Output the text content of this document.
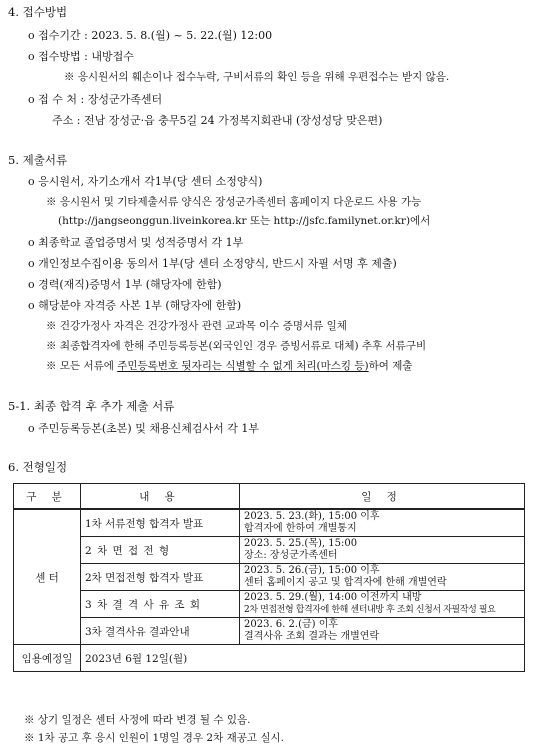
4. 접수방법
o 접수기간 : 2023. 5. 8.(월) ~ 5. 22.(월) 12:00
o 접수방법 : 내방접수
※ 응시원서의 훼손이나 접수누락, 구비서류의 확인 등을 위해 우편접수는 받지 않음.
o 접 수 처 : 장성군가족센터
주소 : 전남 장성군·읍 충무5길 24 가정복지회관내 (장성성당 맞은편)
5. 제출서류
o 응시원서, 자기소개서 각1부(당 센터 소정양식)
※ 응시원서 및 기타제출서류 양식은 장성군가족센터 홈페이지 다운로드 사용 가능
(http://jangseonggun.liveinkorea.kr 또는 http://jsfc.familynet.or.kr)에서
o 최종학교 졸업증명서 및 성적증명서 각 1부
o 개인정보수집이용 동의서 1부(당 센터 소정양식, 반드시 자필 서명 후 제출)
o 경력(재직)증명서 1부 (해당자에 한함)
o 해당분야 자격증 사본 1부 (해당자에 한함)
※ 건강가정사 자격은 건강가정사 관련 교과목 이수 증명서류 일체
※ 최종합격자에 한해 주민등록등본(외국인인 경우 증빙서류로 대체) 추후 서류구비
※ 모든 서류에 주민등록번호 뒷자리는 식별할 수 없게 처리(마스킹 등)하여 제출
5-1. 최종 합격 후 추가 제출 서류
o 주민등록등본(초본) 및 채용신체검사서 각 1부
6. 전형일정
구 분	내 용	일 정
센 터	1차 서류전형 합격자 발표	2023. 5. 23.(화), 15:00 이후
합격자에 한하여 개별통지

	2 차 면 접 전 형	2023. 5. 25.(목), 15:00
장소: 장성군가족센터

	2차 면접전형 합격자 발표	2023. 5. 26.(금), 15:00 이후
센터 홈페이지 공고 및 합격자에 한해 개별연락

	3 차 결 격 사 유 조 회	2023. 5. 29.(월), 14:00 이전까지 내방
2차 면접전형 합격자에 한해 센터내방 후 조회 신청서 자필작성 필요

	3차 결격사유 결과안내	2023. 6. 2.(금) 이후
결격사유 조회 결과는 개별연락

임용예정일	2023년 6월 12일(월)	
※ 상기 일정은 센터 사정에 따라 변경 될 수 있음.
※ 1차 공고 후 응시 인원이 1명일 경우 2차 재공고 실시.
